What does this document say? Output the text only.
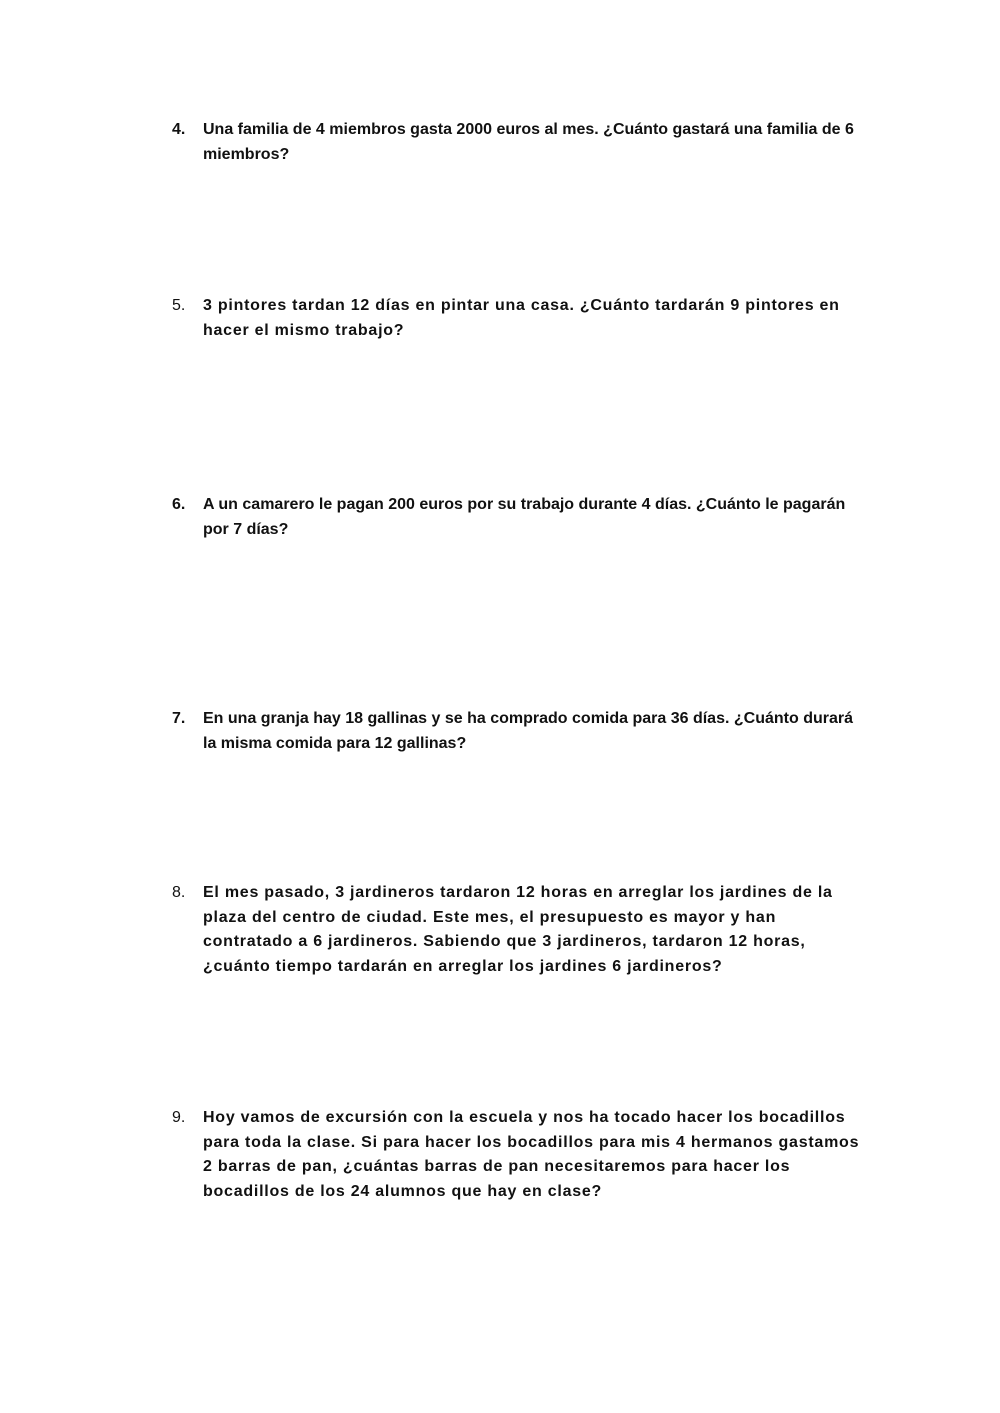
4.	Una familia de 4 miembros gasta 2000 euros al mes. ¿Cuánto gastará una familia de 6 miembros?
5.	3 pintores tardan 12 días en pintar una casa. ¿Cuánto tardarán 9 pintores en hacer el mismo trabajo?
6.	A un camarero le pagan 200 euros por su trabajo durante 4 días. ¿Cuánto le pagarán por 7 días?
7.	En una granja hay 18 gallinas y se ha comprado comida para 36 días. ¿Cuánto durará la misma comida para 12 gallinas?
8.	El mes pasado, 3 jardineros tardaron 12 horas en arreglar los jardines de la plaza del centro de ciudad. Este mes, el presupuesto es mayor y han contratado a 6 jardineros. Sabiendo que 3 jardineros, tardaron 12 horas, ¿cuánto tiempo tardarán en arreglar los jardines 6 jardineros?
9.	Hoy vamos de excursión con la escuela y nos ha tocado hacer los bocadillos para toda la clase. Si para hacer los bocadillos para mis 4 hermanos gastamos 2 barras de pan, ¿cuántas barras de pan necesitaremos para hacer los bocadillos de los 24 alumnos que hay en clase?
